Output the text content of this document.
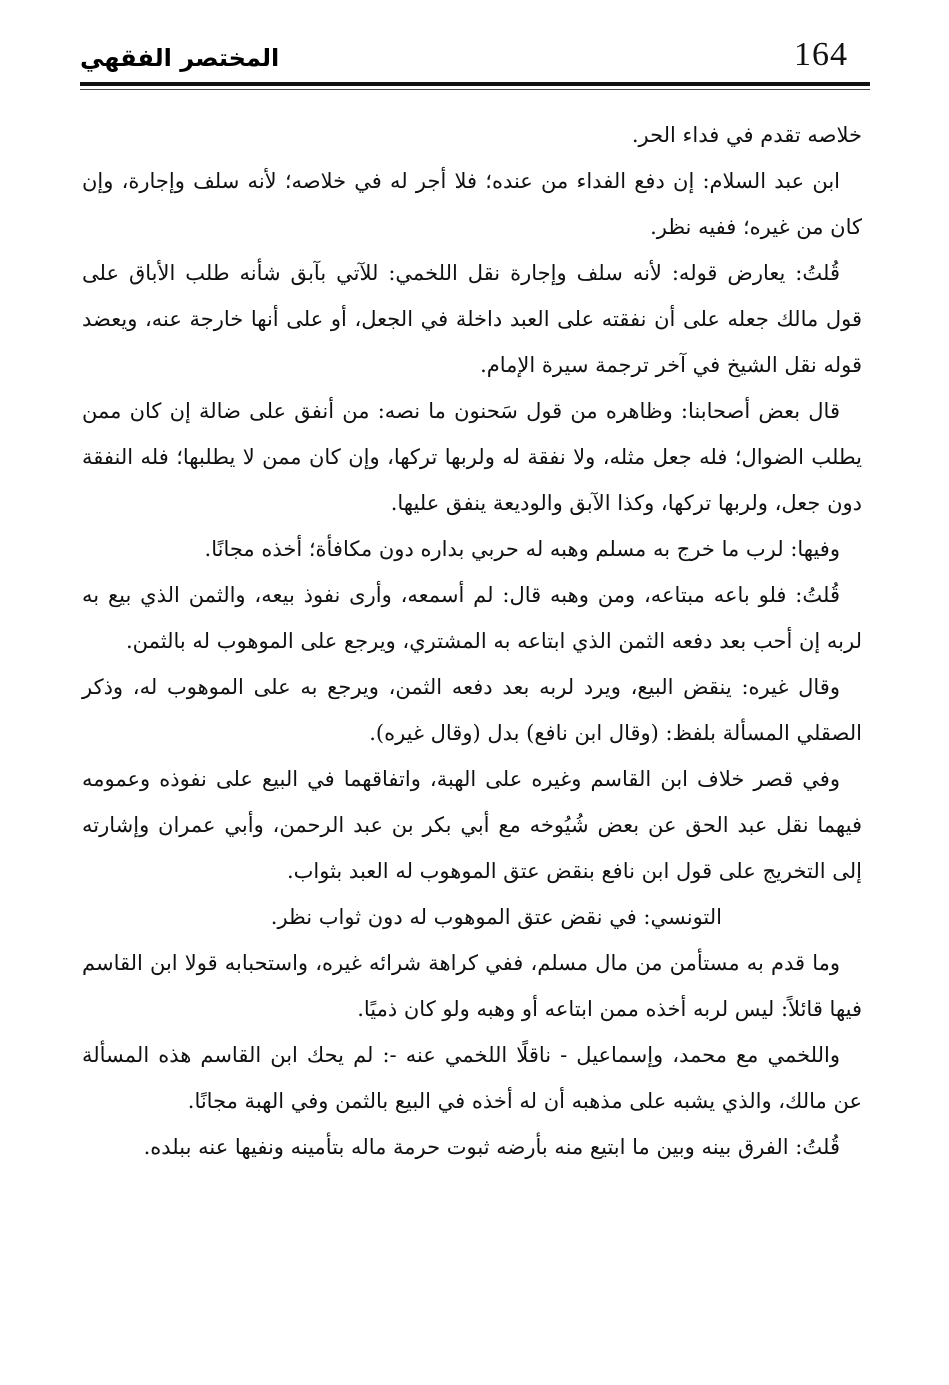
164
المختصر الفقهي

خلاصه تقدم في فداء الحر.

ابن عبد السلام: إن دفع الفداء من عنده؛ فلا أجر له في خلاصه؛ لأنه سلف وإجارة، وإن كان من غيره؛ ففيه نظر.

قُلتُ: يعارض قوله: لأنه سلف وإجارة نقل اللخمي: للآتي بآبق شأنه طلب الأباق على قول مالك جعله على أن نفقته على العبد داخلة في الجعل، أو على أنها خارجة عنه، ويعضد قوله نقل الشيخ في آخر ترجمة سيرة الإمام.

قال بعض أصحابنا: وظاهره من قول سَحنون ما نصه: من أنفق على ضالة إن كان ممن يطلب الضوال؛ فله جعل مثله، ولا نفقة له ولربها تركها، وإن كان ممن لا يطلبها؛ فله النفقة دون جعل، ولربها تركها، وكذا الآبق والوديعة ينفق عليها.

وفيها: لرب ما خرج به مسلم وهبه له حربي بداره دون مكافأة؛ أخذه مجانًا.

قُلتُ: فلو باعه مبتاعه، ومن وهبه قال: لم أسمعه، وأرى نفوذ بيعه، والثمن الذي بيع به لربه إن أحب بعد دفعه الثمن الذي ابتاعه به المشتري، ويرجع على الموهوب له بالثمن.

وقال غيره: ينقض البيع، ويرد لربه بعد دفعه الثمن، ويرجع به على الموهوب له، وذكر الصقلي المسألة بلفظ: (وقال ابن نافع) بدل (وقال غيره).

وفي قصر خلاف ابن القاسم وغيره على الهبة، واتفاقهما في البيع على نفوذه وعمومه فيهما نقل عبد الحق عن بعض شُيُوخه مع أبي بكر بن عبد الرحمن، وأبي عمران وإشارته إلى التخريج على قول ابن نافع بنقض عتق الموهوب له العبد بثواب.

التونسي: في نقض عتق الموهوب له دون ثواب نظر.

وما قدم به مستأمن من مال مسلم، ففي كراهة شرائه غيره، واستحبابه قولا ابن القاسم فيها قائلاً: ليس لربه أخذه ممن ابتاعه أو وهبه ولو كان ذميًا.

واللخمي مع محمد، وإسماعيل - ناقلًا اللخمي عنه -: لم يحك ابن القاسم هذه المسألة عن مالك، والذي يشبه على مذهبه أن له أخذه في البيع بالثمن وفي الهبة مجانًا.

قُلتُ: الفرق بينه وبين ما ابتيع منه بأرضه ثبوت حرمة ماله بتأمينه ونفيها عنه ببلده.
